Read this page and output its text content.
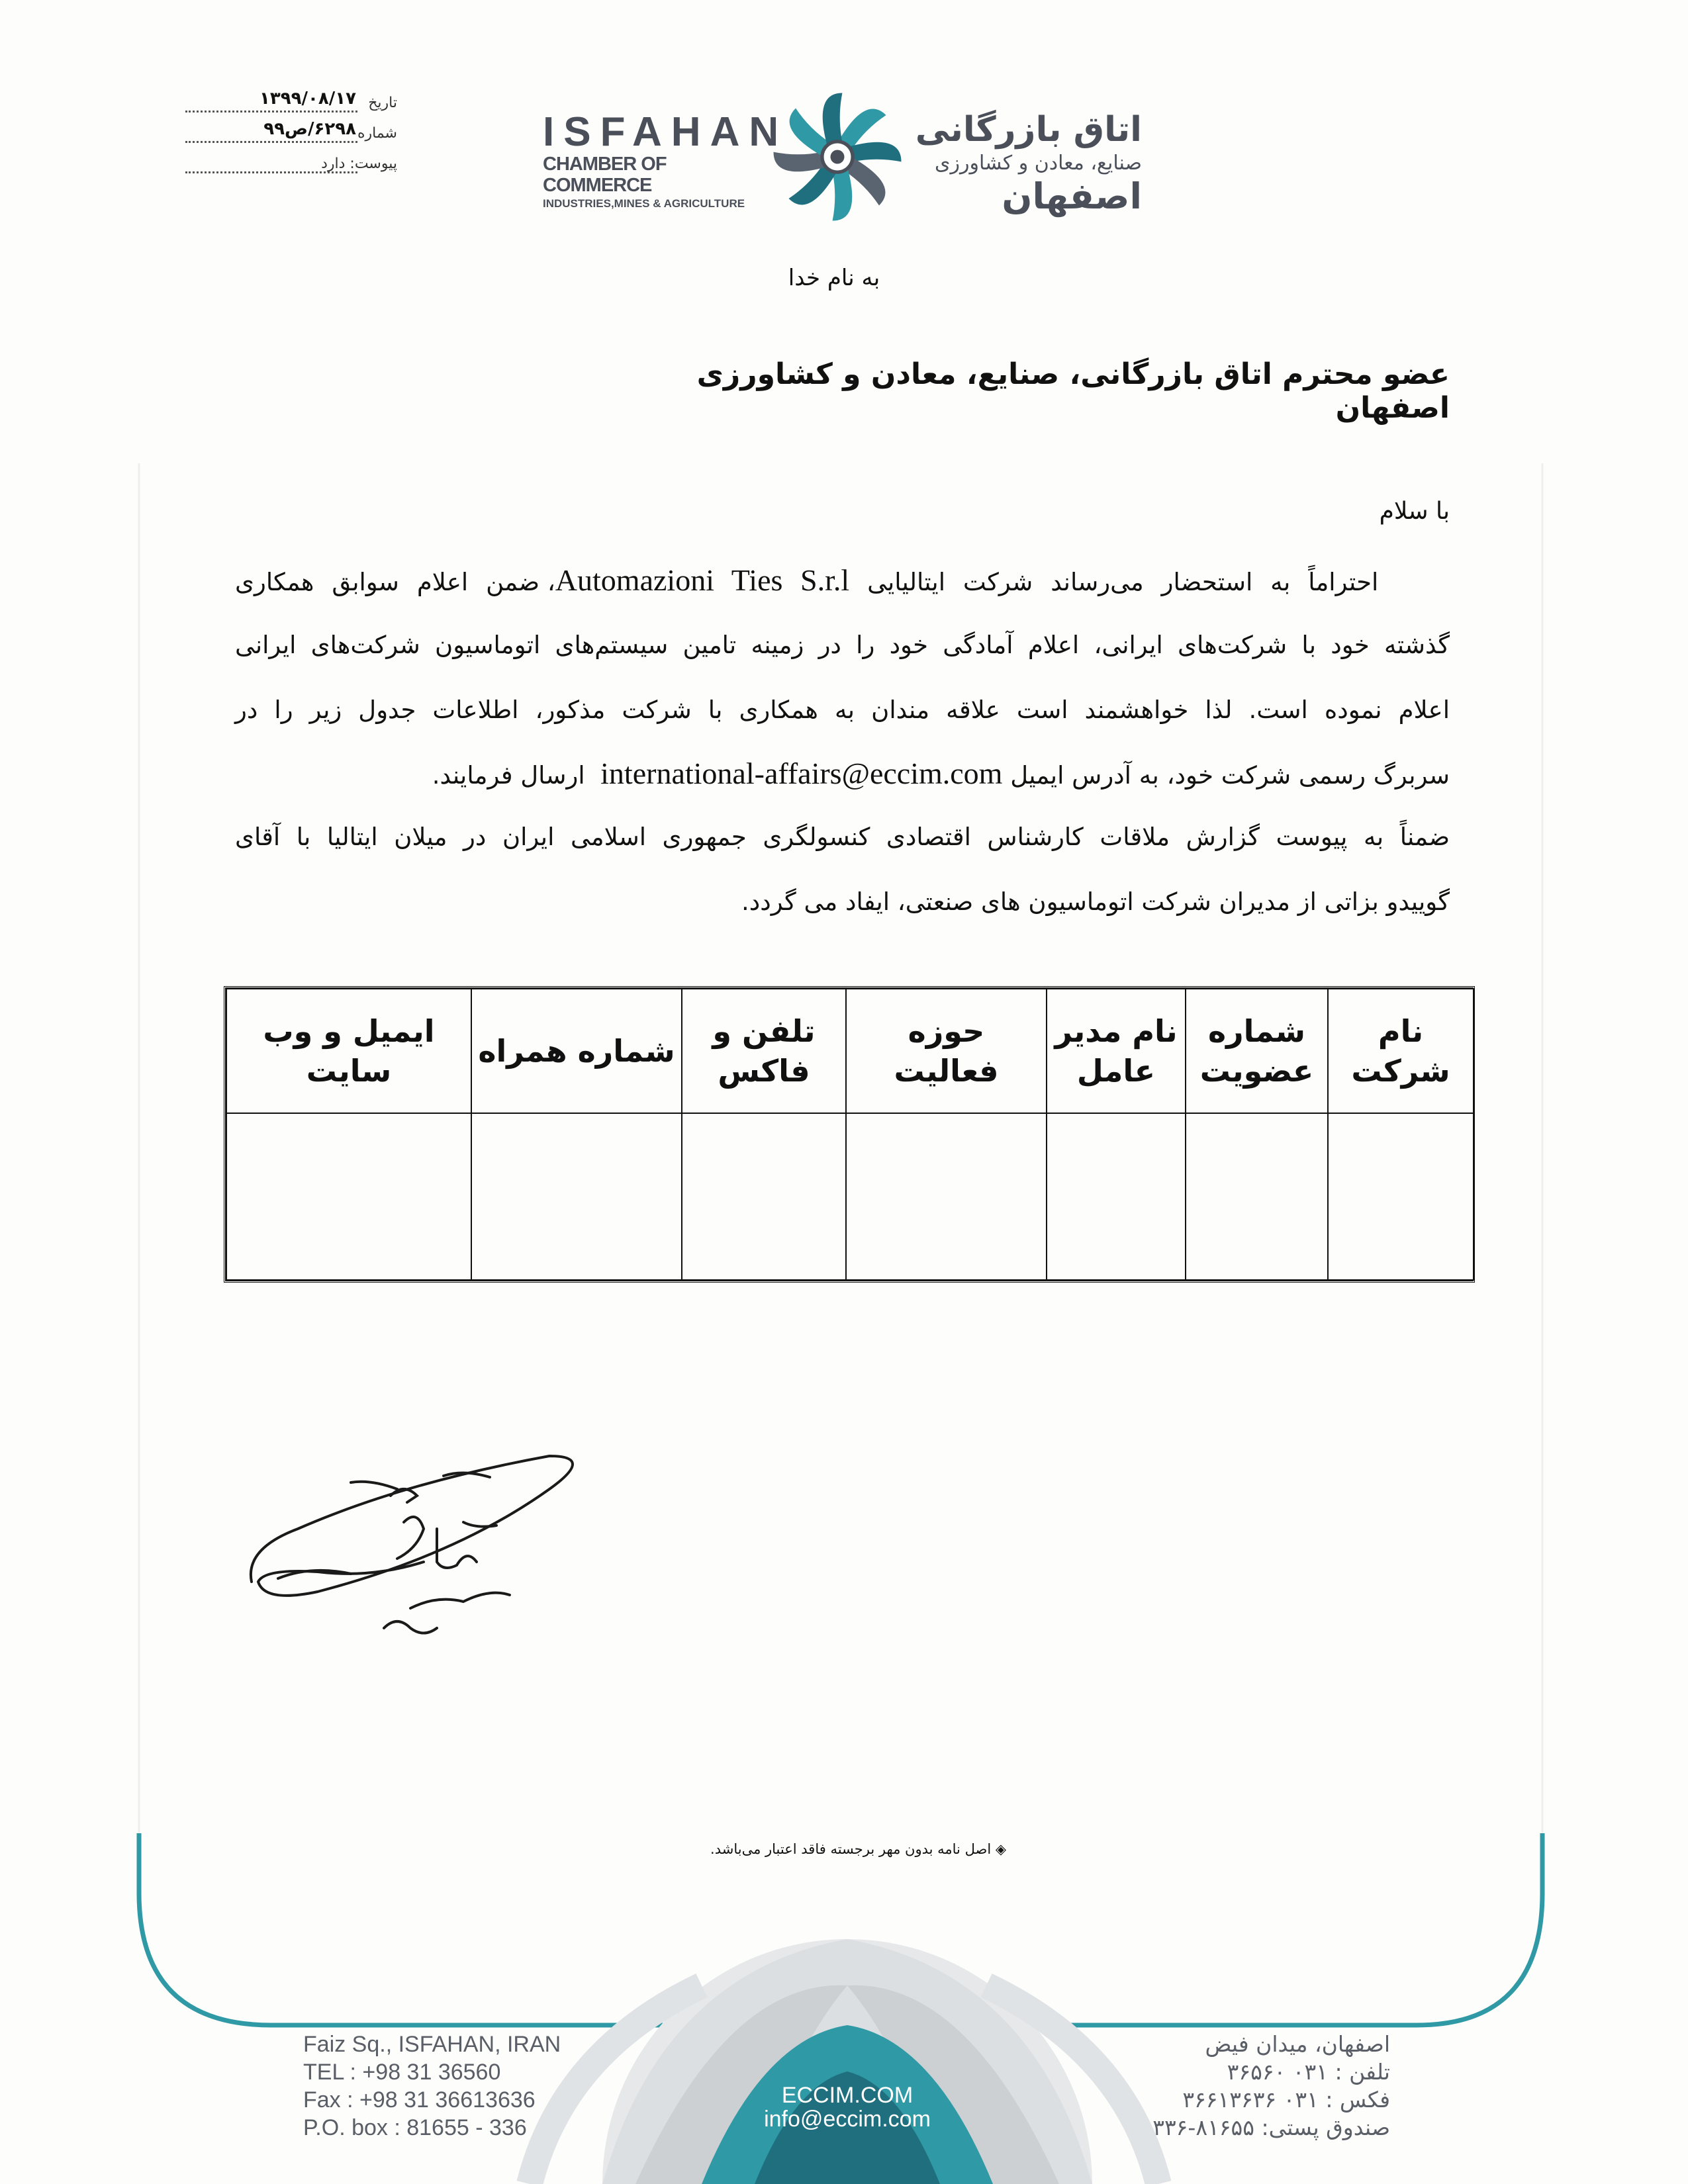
۱۳۹۹/۰۸/۱۷ تاریخ
۶۲۹۸/ص۹۹ شماره
پیوست: دارد
ISFAHAN
CHAMBER OF COMMERCE
INDUSTRIES,MINES & AGRICULTURE
اتاق بازرگانی
صنایع، معادن و کشاورزی
اصفهان
به نام خدا
عضو محترم اتاق بازرگانی، صنایع، معادن و کشاورزی اصفهان
با سلام
احتراماً به استحضار می‌رساند شرکت ایتالیایی Automazioni Ties S.r.l، ضمن اعلام سوابق همکاری
گذشته خود با شرکت‌های ایرانی، اعلام آمادگی خود را در زمینه تامین سیستم‌های اتوماسیون شرکت‌های ایرانی
اعلام نموده است. لذا خواهشمند است علاقه مندان به همکاری با شرکت مذکور، اطلاعات جدول زیر را در
سربرگ رسمی شرکت خود، به آدرس ایمیل international-affairs@eccim.com  ارسال فرمایند.
ضمناً به پیوست گزارش ملاقات کارشناس اقتصادی کنسولگری جمهوری اسلامی ایران در میلان ایتالیا با آقای
گوییدو بزاتی از مدیران شرکت اتوماسیون های صنعتی، ایفاد می گردد.
نام شرکت	شماره عضویت	نام مدیر عامل	حوزه فعالیت	تلفن و فاکس	شماره همراه	ایمیل و وب سایت

◈ اصل نامه بدون مهر برجسته فاقد اعتبار می‌باشد.
Faiz Sq., ISFAHAN, IRAN
TEL : +98 31 36560
Fax : +98 31 36613636
P.O. box : 81655 - 336
ECCIM.COM
info@eccim.com
اصفهان، میدان فیض
تلفن : ۰۳۱ ۳۶۵۶۰
فکس : ۰۳۱ ۳۶۶۱۳۶۳۶
صندوق پستی: ۸۱۶۵۵-۳۳۶
